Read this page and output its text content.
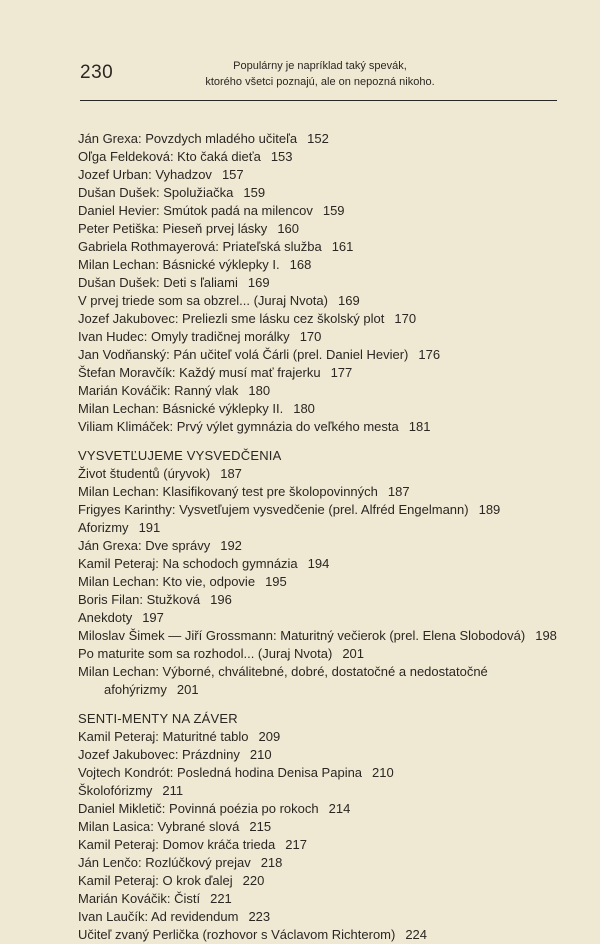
230	Populárny je napríklad taký spevák,
ktorého všetci poznajú, ale on nepozná nikoho.
Ján Grexa: Povzdych mladého učiteľa 152
Oľga Feldeková: Kto čaká dieťa 153
Jozef Urban: Vyhadzov 157
Dušan Dušek: Spolužiačka 159
Daniel Hevier: Smútok padá na milencov 159
Peter Petiška: Pieseň prvej lásky 160
Gabriela Rothmayerová: Priateľská služba 161
Milan Lechan: Básnické výklepky I. 168
Dušan Dušek: Deti s ľaliami 169
V prvej triede som sa obzrel... (Juraj Nvota) 169
Jozef Jakubovec: Preliezli sme lásku cez školský plot 170
Ivan Hudec: Omyly tradičnej morálky 170
Jan Vodňanský: Pán učiteľ volá Čárli (prel. Daniel Hevier) 176
Štefan Moravčík: Každý musí mať frajerku 177
Marián Kováčik: Ranný vlak 180
Milan Lechan: Básnické výklepky II. 180
Viliam Klimáček: Prvý výlet gymnázia do veľkého mesta 181
VYSVETĽUJEME VYSVEDČENIA
Život študentů (úryvok) 187
Milan Lechan: Klasifikovaný test pre školopovinných 187
Frigyes Karinthy: Vysvetľujem vysvedčenie (prel. Alfréd Engelmann) 189
Aforizmy 191
Ján Grexa: Dve správy 192
Kamil Peteraj: Na schodoch gymnázia 194
Milan Lechan: Kto vie, odpovie 195
Boris Filan: Stužková 196
Anekdoty 197
Miloslav Šimek — Jiří Grossmann: Maturitný večierok (prel. Elena Slobodová) 198
Po maturite som sa rozhodol... (Juraj Nvota) 201
Milan Lechan: Výborné, chválitebné, dobré, dostatočné a nedostatočné afohýrizmy 201
SENTI-MENTY NA ZÁVER
Kamil Peteraj: Maturitné tablo 209
Jozef Jakubovec: Prázdniny 210
Vojtech Kondrót: Posledná hodina Denisa Papina 210
Školofórizmy 211
Daniel Mikletič: Povinná poézia po rokoch 214
Milan Lasica: Vybrané slová 215
Kamil Peteraj: Domov kráča trieda 217
Ján Lenčo: Rozlúčkový prejav 218
Kamil Peteraj: O krok ďalej 220
Marián Kováčik: Čistí 221
Ivan Laučík: Ad revidendum 223
Učiteľ zvaný Perlička (rozhovor s Václavom Richterom) 224
